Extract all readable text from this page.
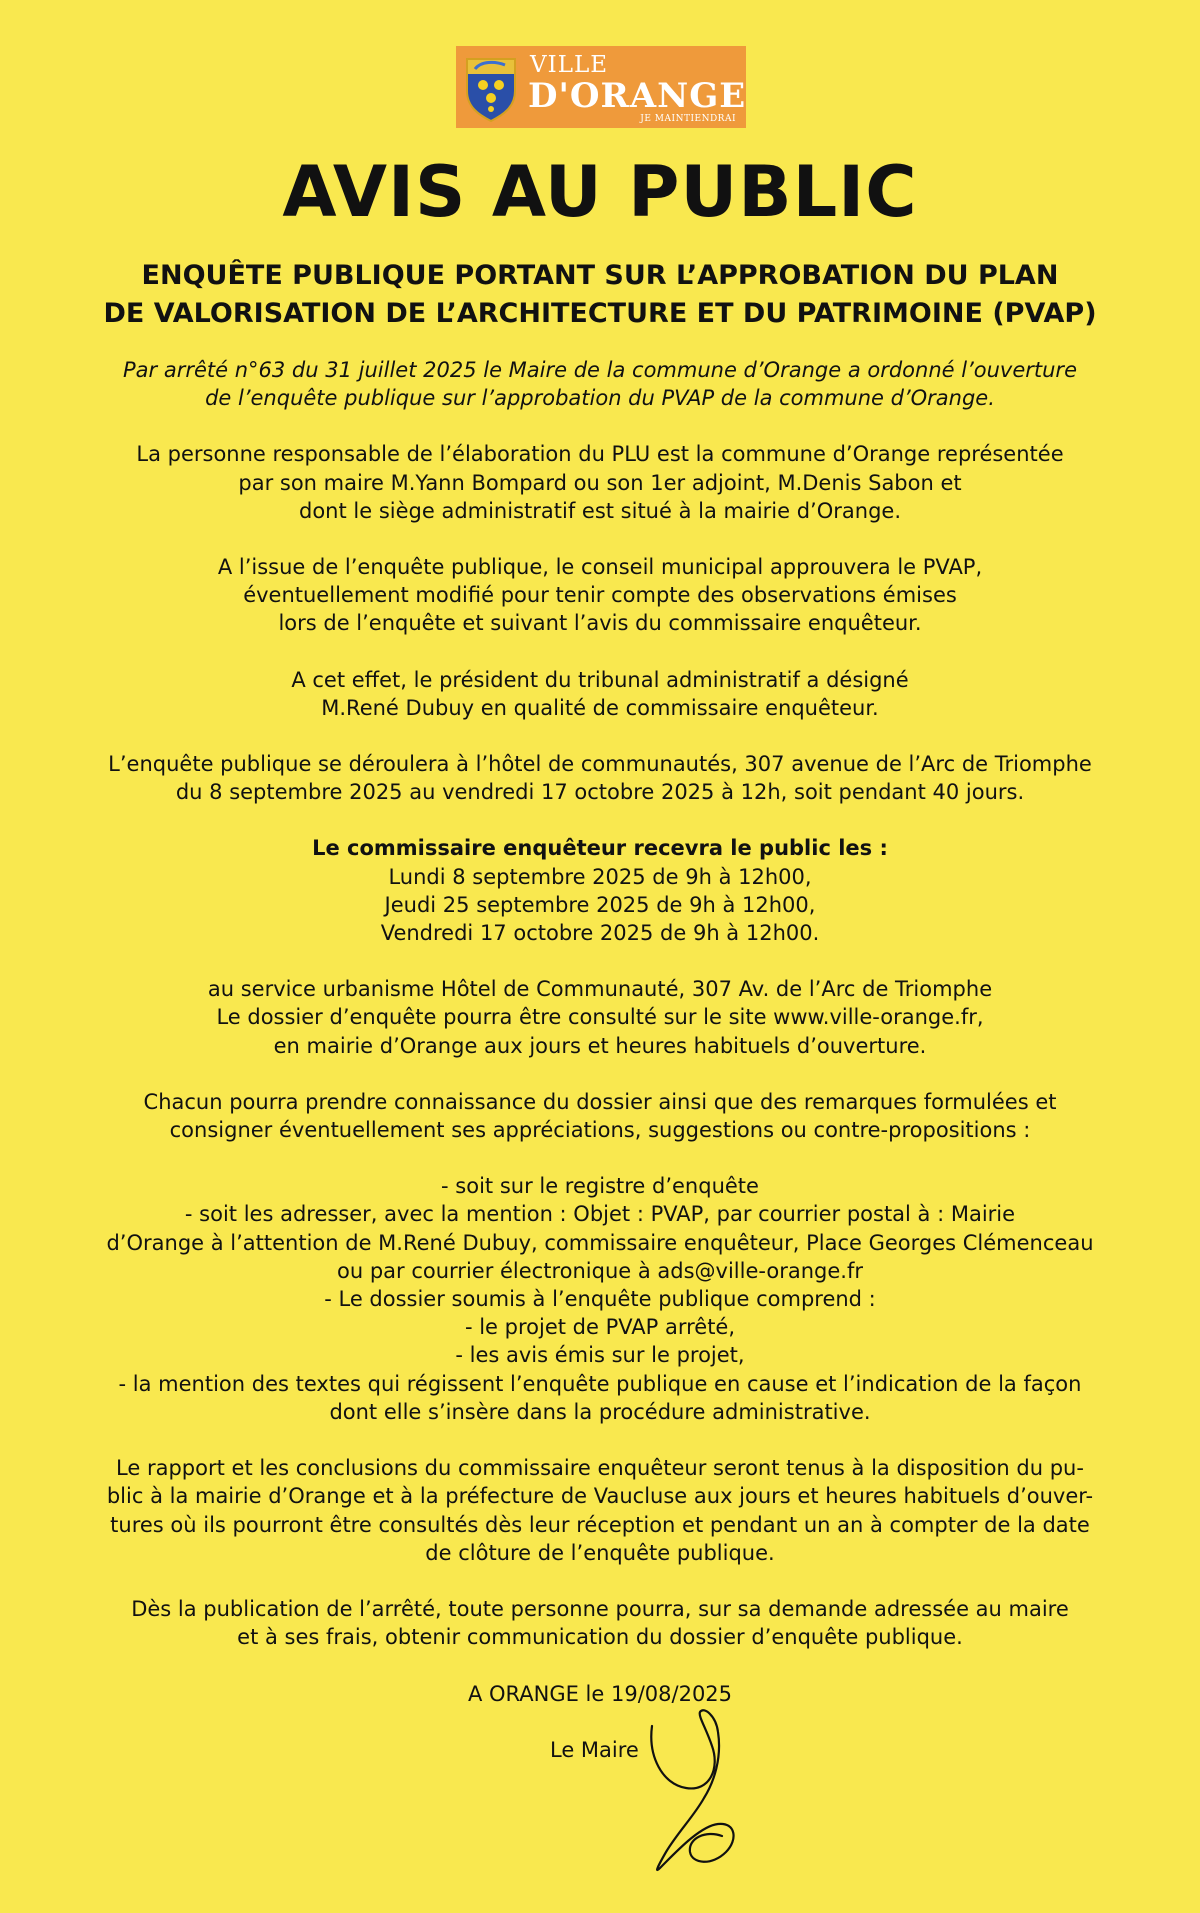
VILLE
D'ORANGE
JE MAINTIENDRAI
AVIS AU PUBLIC
ENQUÊTE PUBLIQUE PORTANT SUR L’APPROBATION DU PLAN
DE VALORISATION DE L’ARCHITECTURE ET DU PATRIMOINE (PVAP)

Par arrêté n°63 du 31 juillet 2025 le Maire de la commune d’Orange a ordonné l’ouverture
de l’enquête publique sur l’approbation du PVAP de la commune d’Orange.

La personne responsable de l’élaboration du PLU est la commune d’Orange représentée
par son maire M.Yann Bompard ou son 1er adjoint, M.Denis Sabon et
dont le siège administratif est situé à la mairie d’Orange.

A l’issue de l’enquête publique, le conseil municipal approuvera le PVAP,
éventuellement modifié pour tenir compte des observations émises
lors de l’enquête et suivant l’avis du commissaire enquêteur.

A cet effet, le président du tribunal administratif a désigné
M.René Dubuy en qualité de commissaire enquêteur.

L’enquête publique se déroulera à l’hôtel de communautés, 307 avenue de l’Arc de Triomphe
du 8 septembre 2025 au vendredi 17 octobre 2025 à 12h, soit pendant 40 jours.

Le commissaire enquêteur recevra le public les :
Lundi 8 septembre 2025 de 9h à 12h00,
Jeudi 25 septembre 2025 de 9h à 12h00,
Vendredi 17 octobre 2025 de 9h à 12h00.

au service urbanisme Hôtel de Communauté, 307 Av. de l’Arc de Triomphe
Le dossier d’enquête pourra être consulté sur le site www.ville-orange.fr,
en mairie d’Orange aux jours et heures habituels d’ouverture.

Chacun pourra prendre connaissance du dossier ainsi que des remarques formulées et
consigner éventuellement ses appréciations, suggestions ou contre-propositions :

- soit sur le registre d’enquête
- soit les adresser, avec la mention : Objet : PVAP, par courrier postal à : Mairie
d’Orange à l’attention de M.René Dubuy, commissaire enquêteur, Place Georges Clémenceau
ou par courrier électronique à ads@ville-orange.fr
- Le dossier soumis à l’enquête publique comprend :
- le projet de PVAP arrêté,
- les avis émis sur le projet,
- la mention des textes qui régissent l’enquête publique en cause et l’indication de la façon
dont elle s’insère dans la procédure administrative.

Le rapport et les conclusions du commissaire enquêteur seront tenus à la disposition du pu-
blic à la mairie d’Orange et à la préfecture de Vaucluse aux jours et heures habituels d’ouver-
tures où ils pourront être consultés dès leur réception et pendant un an à compter de la date
de clôture de l’enquête publique.

Dès la publication de l’arrêté, toute personne pourra, sur sa demande adressée au maire
et à ses frais, obtenir communication du dossier d’enquête publique.

A ORANGE le 19/08/2025
Le Maire
